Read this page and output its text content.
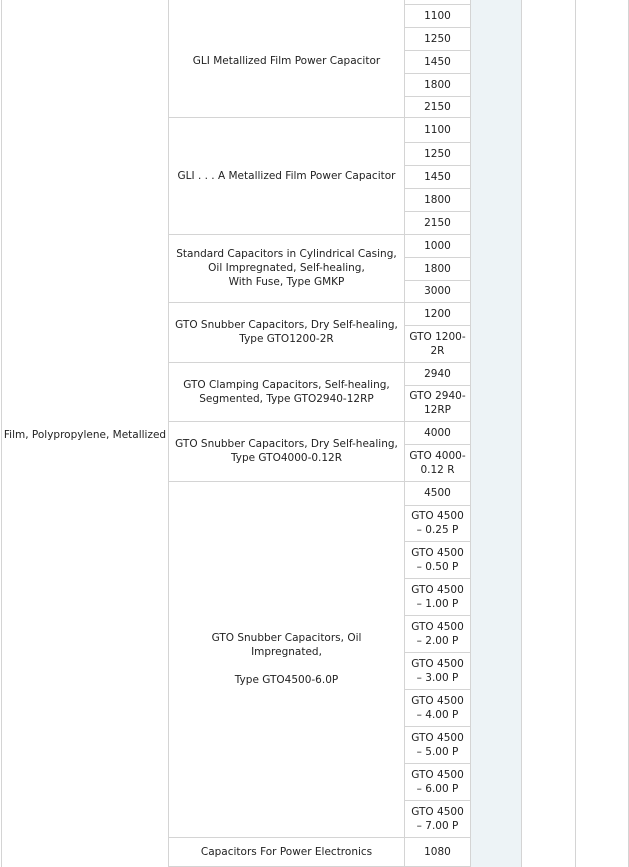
Film, Polypropylene, Metallized
GLI Metallized Film Power Capacitor
1100
1250
1450
1800
2150
GLI . . . A Metallized Film Power Capacitor
1100
1250
1450
1800
2150
Standard Capacitors in Cylindrical Casing,
Oil Impregnated, Self-healing,
With Fuse, Type GMKP
1000
1800
3000
GTO Snubber Capacitors, Dry Self-healing,
Type GTO1200-2R
1200
GTO 1200-
2R
GTO Clamping Capacitors, Self-healing,
Segmented, Type GTO2940-12RP
2940
GTO 2940-
12RP
GTO Snubber Capacitors, Dry Self-healing,
Type GTO4000-0.12R
4000
GTO 4000-
0.12 R
GTO Snubber Capacitors, Oil Impregnated,

Type GTO4500-6.0P
4500
GTO 4500
– 0.25 P
GTO 4500
– 0.50 P
GTO 4500
– 1.00 P
GTO 4500
– 2.00 P
GTO 4500
– 3.00 P
GTO 4500
– 4.00 P
GTO 4500
– 5.00 P
GTO 4500
– 6.00 P
GTO 4500
– 7.00 P
Capacitors For Power Electronics	1080
